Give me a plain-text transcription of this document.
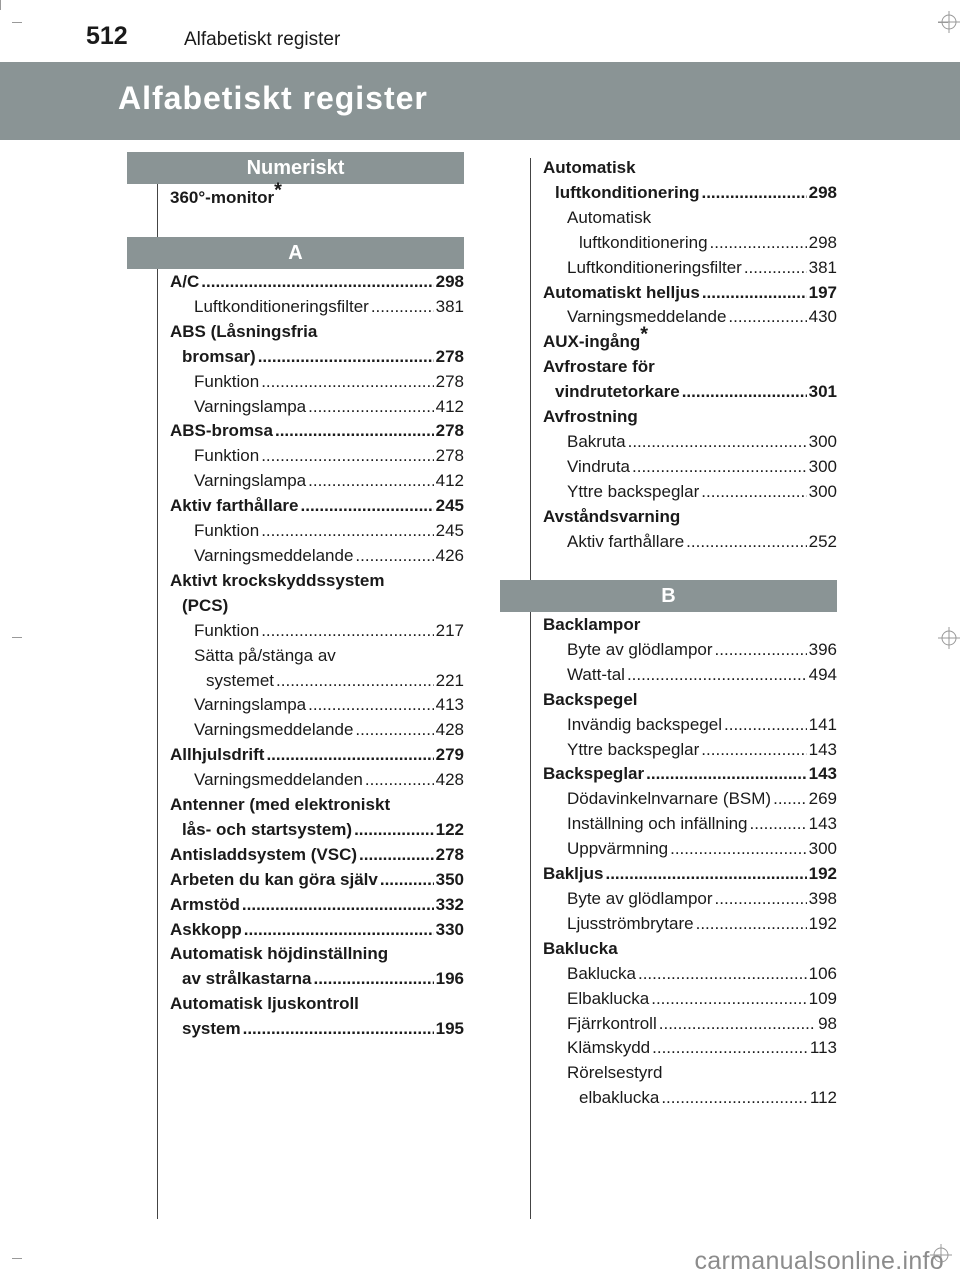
512	Alfabetiskt register
Alfabetiskt register
Numeriskt
360°-monitor*
A
A/C .....	298
Luftkonditioneringsfilter .....	381
ABS (Låsningsfria
bromsar) .....	278
Funktion .....	278
Varningslampa .....	412
ABS-bromsa .....	278
Funktion .....	278
Varningslampa .....	412
Aktiv farthållare .....	245
Funktion .....	245
Varningsmeddelande .....	426
Aktivt krockskyddssystem
(PCS)
Funktion .....	217
Sätta på/stänga av
systemet .....	221
Varningslampa .....	413
Varningsmeddelande .....	428
Allhjulsdrift .....	279
Varningsmeddelanden .....	428
Antenner (med elektroniskt
lås- och startsystem) .....	122
Antisladdsystem (VSC) .....	278
Arbeten du kan göra själv .....	350
Armstöd .....	332
Askkopp .....	330
Automatisk höjdinställning
av strålkastarna .....	196
Automatisk ljuskontroll
system .....	195
Automatisk
luftkonditionering .....	298
Automatisk
luftkonditionering .....	298
Luftkonditioneringsfilter .....	381
Automatiskt helljus .....	197
Varningsmeddelande .....	430
AUX-ingång*
Avfrostare för
vindrutetorkare .....	301
Avfrostning
Bakruta .....	300
Vindruta .....	300
Yttre backspeglar .....	300
Avståndsvarning
Aktiv farthållare .....	252
B
Backlampor
Byte av glödlampor .....	396
Watt-tal .....	494
Backspegel
Invändig backspegel .....	141
Yttre backspeglar .....	143
Backspeglar .....	143
Dödavinkelnvarnare (BSM) ..... 269
Inställning och infällning .....	143
Uppvärmning .....	300
Bakljus .....	192
Byte av glödlampor .....	398
Ljusströmbrytare .....	192
Baklucka
Baklucka .....	106
Elbaklucka .....	109
Fjärrkontroll .....	98
Klämskydd .....	113
Rörelsestyrd
elbaklucka .....	112
carmanualsonline.info
